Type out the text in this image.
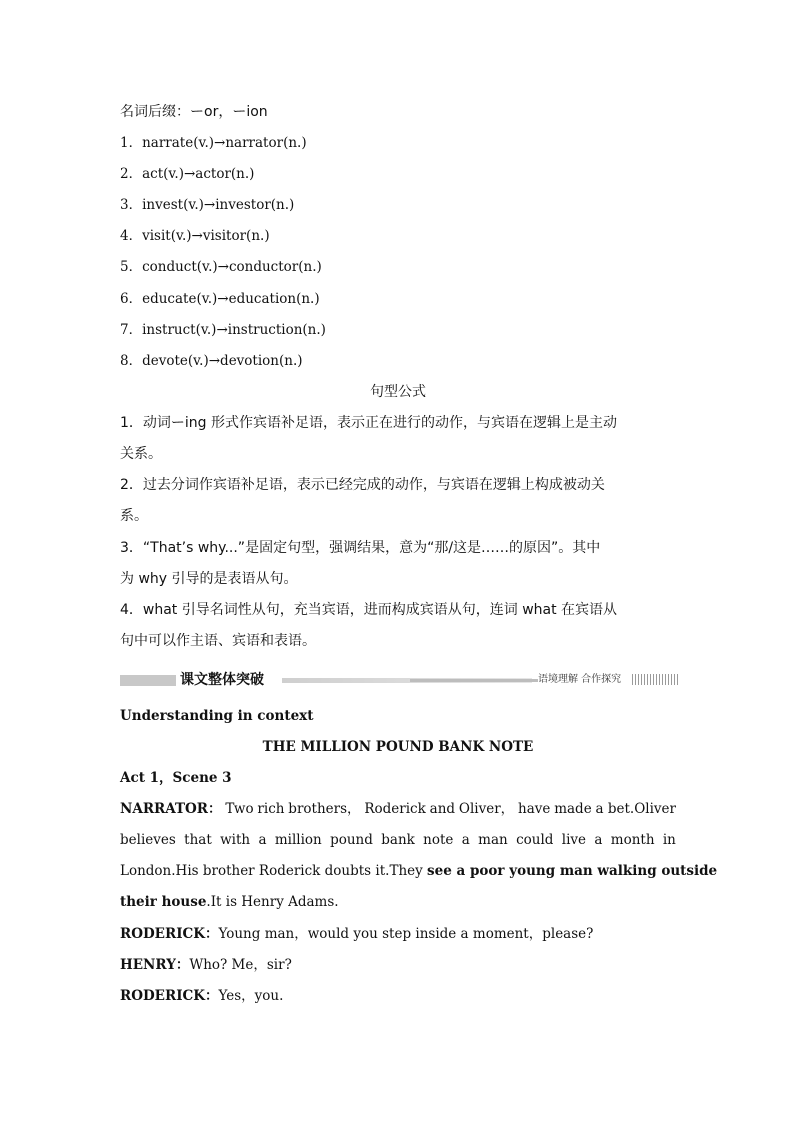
名词后缀：ーor，ーion
1．narrate(v.)→narrator(n.)
2．act(v.)→actor(n.)
3．invest(v.)→investor(n.)
4．visit(v.)→visitor(n.)
5．conduct(v.)→conductor(n.)
6．educate(v.)→education(n.)
7．instruct(v.)→instruction(n.)
8．devote(v.)→devotion(n.)
句型公式
1．动词ーing 形式作宾语补足语，表示正在进行的动作，与宾语在逻辑上是主动
关系。
2．过去分词作宾语补足语，表示已经完成的动作，与宾语在逻辑上构成被动关
系。
3．“That’s why...”是固定句型，强调结果，意为“那/这是……的原因”。其中
为 why 引导的是表语从句。
4．what 引导名词性从句，充当宾语，进而构成宾语从句，连词 what 在宾语从
句中可以作主语、宾语和表语。
课文整体突破	语境理解 合作探究
Understanding in context
THE MILLION POUND BANK NOTE
Act 1，Scene 3
NARRATOR： Two rich brothers， Roderick and Oliver， have made a bet.Oliver
believes that with a million pound bank note a man could live a month in
London.His brother Roderick doubts it.They see a poor young man walking outside
their house.It is Henry Adams.
RODERICK：Young man，would you step inside a moment，please?
HENRY：Who? Me，sir?
RODERICK：Yes，you.
